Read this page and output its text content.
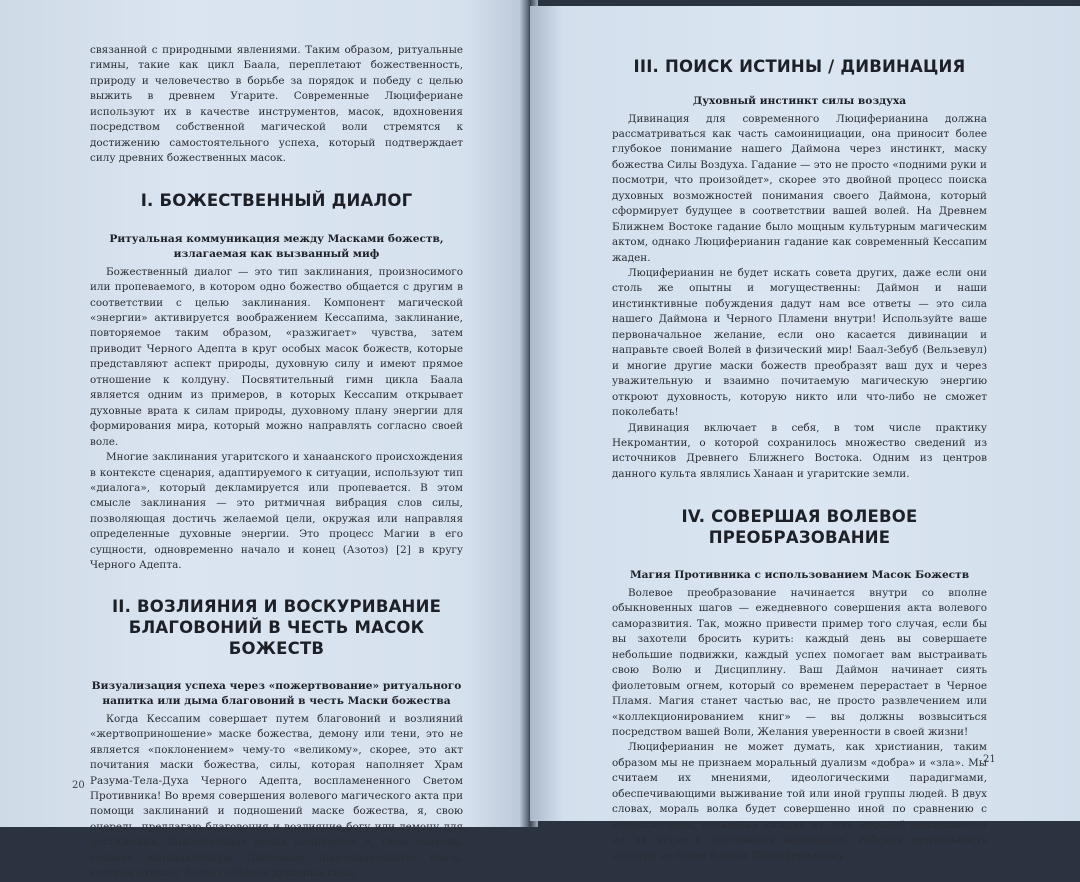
связанной с природными явлениями. Таким образом, ритуальные гимны, такие как цикл Баала, переплетают божественность, природу и человечество в борьбе за порядок и победу с целью выжить в древнем Угарите. Современные Люциферианe используют их в качестве инструментов, масок, вдохновения посредством собственной магической воли стремятся к достижению самостоятельного успеха, который подтверждает силу древних божественных масок.

I. БОЖЕСТВЕННЫЙ ДИАЛОГ
Ритуальная коммуникация между Масками божеств, излагаемая как вызванный миф

Божественный диалог — это тип заклинания, произносимого или пропеваемого, в котором одно божество общается с другим в соответствии с целью заклинания. Компонент магической «энергии» активируется воображением Кессапима, заклинание, повторяемое таким образом, «разжигает» чувства, затем приводит Черного Адепта в круг особых масок божеств, которые представляют аспект природы, духовную силу и имеют прямое отношение к колдуну. Посвятительный гимн цикла Баала является одним из примеров, в которых Кессапим открывает духовные врата к силам природы, духовному плану энергии для формирования мира, который можно направлять согласно своей воле.

Многие заклинания угаритского и ханаанского происхождения в контексте сценария, адаптируемого к ситуации, используют тип «диалога», который декламируется или пропевается. В этом смысле заклинания — это ритмичная вибрация слов силы, позволяющая достичь желаемой цели, окружая или направляя определенные духовные энергии. Это процесс Магии в его сущности, одновременно начало и конец (Азотоз) [2] в кругу Черного Адепта.

II. ВОЗЛИЯНИЯ И ВОСКУРИВАНИЕ БЛАГОВОНИЙ В ЧЕСТЬ МАСОК БОЖЕСТВ
Визуализация успеха через «пожертвование» ритуального напитка или дыма благовоний в честь Маски божества

Когда Кессапим совершает путем благовоний и возлияний «жертвоприношение» маске божества, демону или тени, это не является «поклонением» чему-то «великому», скорее, это акт почитания маски божества, силы, которая наполняет Храм Разума-Тела-Духа Черного Адепта, воспламененного Светом Противника! Во время совершения волевого магического акта при помощи заклинаний и подношений маске божества, я, свою очередь, предлагаю благовония и возлияние богу или демону для достижения. Божественная маска почитается и, свою очередь, создает вдохновленную Даймоном подсознательную связь, которая откроет более глубокие духовные силы.

20
III. ПОИСК ИСТИНЫ / ДИВИНАЦИЯ
Духовный инстинкт силы воздуха

Дивинация для современного Люциферианина должна рассматриваться как часть самоинициации, она приносит более глубокое понимание нашего Даймона через инстинкт, маску божества Силы Воздуха. Гадание — это не просто «подними руки и посмотри, что произойдет», скорее это двойной процесс поиска духовных возможностей понимания своего Даймона, который сформирует будущее в соответствии вашей волей. На Древнем Ближнем Востоке гадание было мощным культурным магическим актом, однако Люциферианин гадание как современный Кессапим жаден.

Люциферианин не будет искать совета других, даже если они столь же опытны и могущественны: Даймон и наши инстинктивные побуждения дадут нам все ответы — это сила нашего Даймона и Черного Пламени внутри! Используйте ваше первоначальное желание, если оно касается дивинации и направьте своей Волей в физический мир! Баал-Зебуб (Вельзевул) и многие другие маски божеств преобразят ваш дух и через уважительную и взаимно почитаемую магическую энергию откроют духовность, которую никто или что-либо не сможет поколебать!

Дивинация включает в себя, в том числе практику Некромантии, о которой сохранилось множество сведений из источников Древнего Ближнего Востока. Одним из центров данного культа являлись Ханаан и угаритские земли.

IV. СОВЕРШАЯ ВОЛЕВОЕ ПРЕОБРАЗОВАНИЕ
Магия Противника с использованием Масок Божеств

Волевое преобразование начинается внутри со вполне обыкновенных шагов — ежедневного совершения акта волевого саморазвития. Так, можно привести пример того случая, если бы вы захотели бросить курить: каждый день вы совершаете небольшие подвижки, каждый успех помогает вам выстраивать свою Волю и Дисциплину. Ваш Даймон начинает сиять фиолетовым огнем, который со временем перерастает в Черное Пламя. Магия станет частью вас, не просто развлечением или «коллекционированием книг» — вы должны возвыситься посредством вашей Воли, Желания уверенности в своей жизни!

Люциферианин не может думать, как христианин, таким образом мы не признаем моральный дуализм «добра» и «зла». Мы считаем их мнениями, идеологическими парадигмами, обеспечивающими выживание той или иной группы людей. В двух словах, мораль волка будет совершенно иной по сравнению с моралью овцы, поскольку каждая из этих моралей основывается на их чутье и инстинктах выживания. Рабская ментальность никогда не будет близка Люциферианину.

21
